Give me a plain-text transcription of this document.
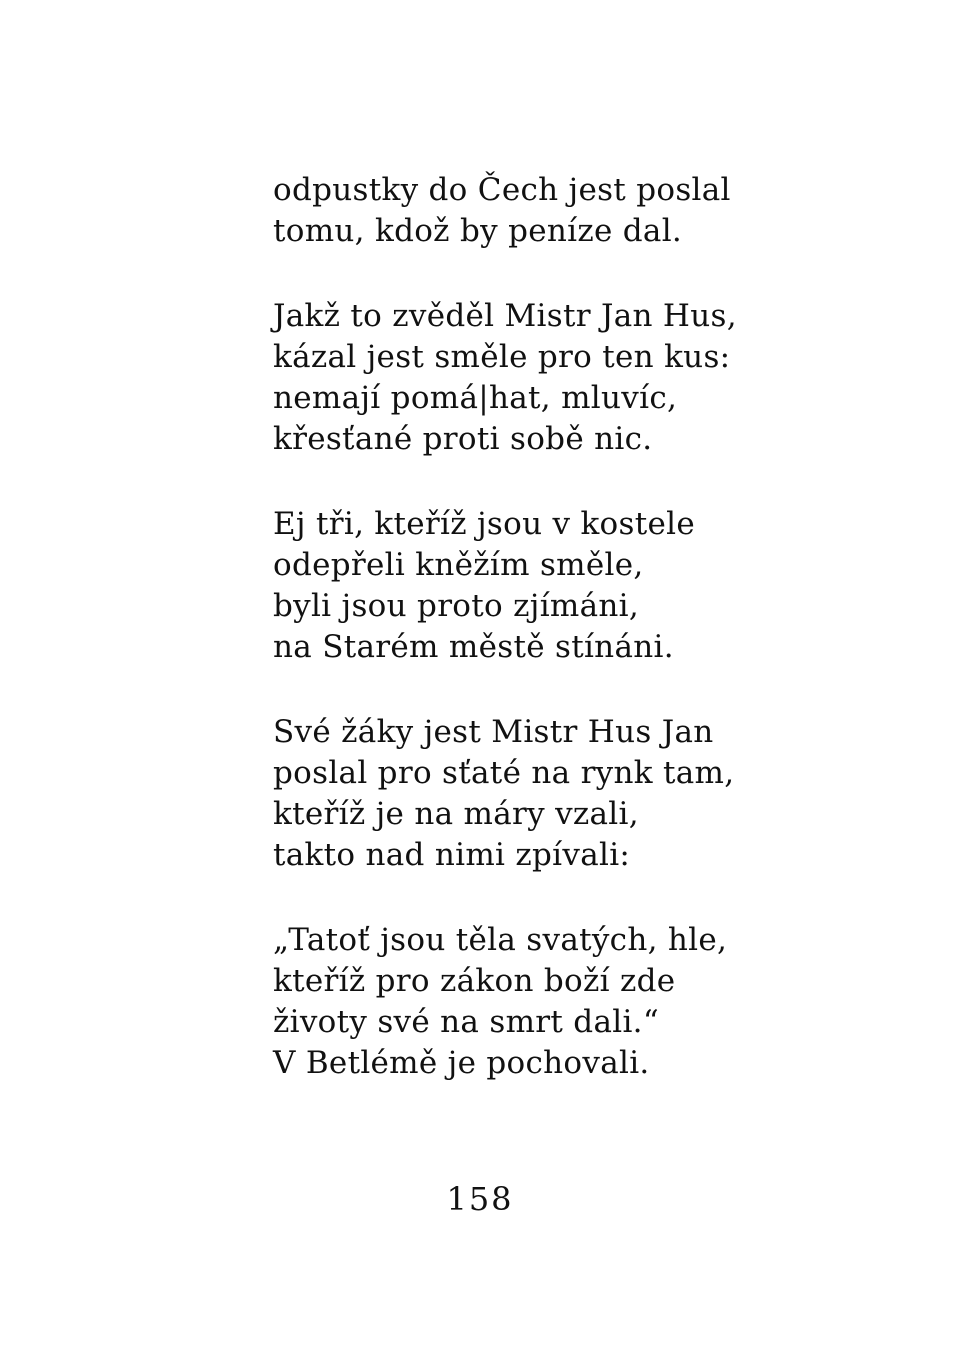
odpustky do Čech jest poslal
tomu, kdož by peníze dal.
Jakž to zvěděl Mistr Jan Hus,
kázal jest směle pro ten kus:
nemají pomá|hat, mluvíc,
křesťané proti sobě nic.
Ej tři, kteříž jsou v kostele
odepřeli kněžím směle,
byli jsou proto zjímáni,
na Starém městě stínáni.
Své žáky jest Mistr Hus Jan
poslal pro sťaté na rynk tam,
kteříž je na máry vzali,
takto nad nimi zpívali:
„Tatoť jsou těla svatých, hle,
kteříž pro zákon boží zde
životy své na smrt dali.“
V Betlémě je pochovali.
158
